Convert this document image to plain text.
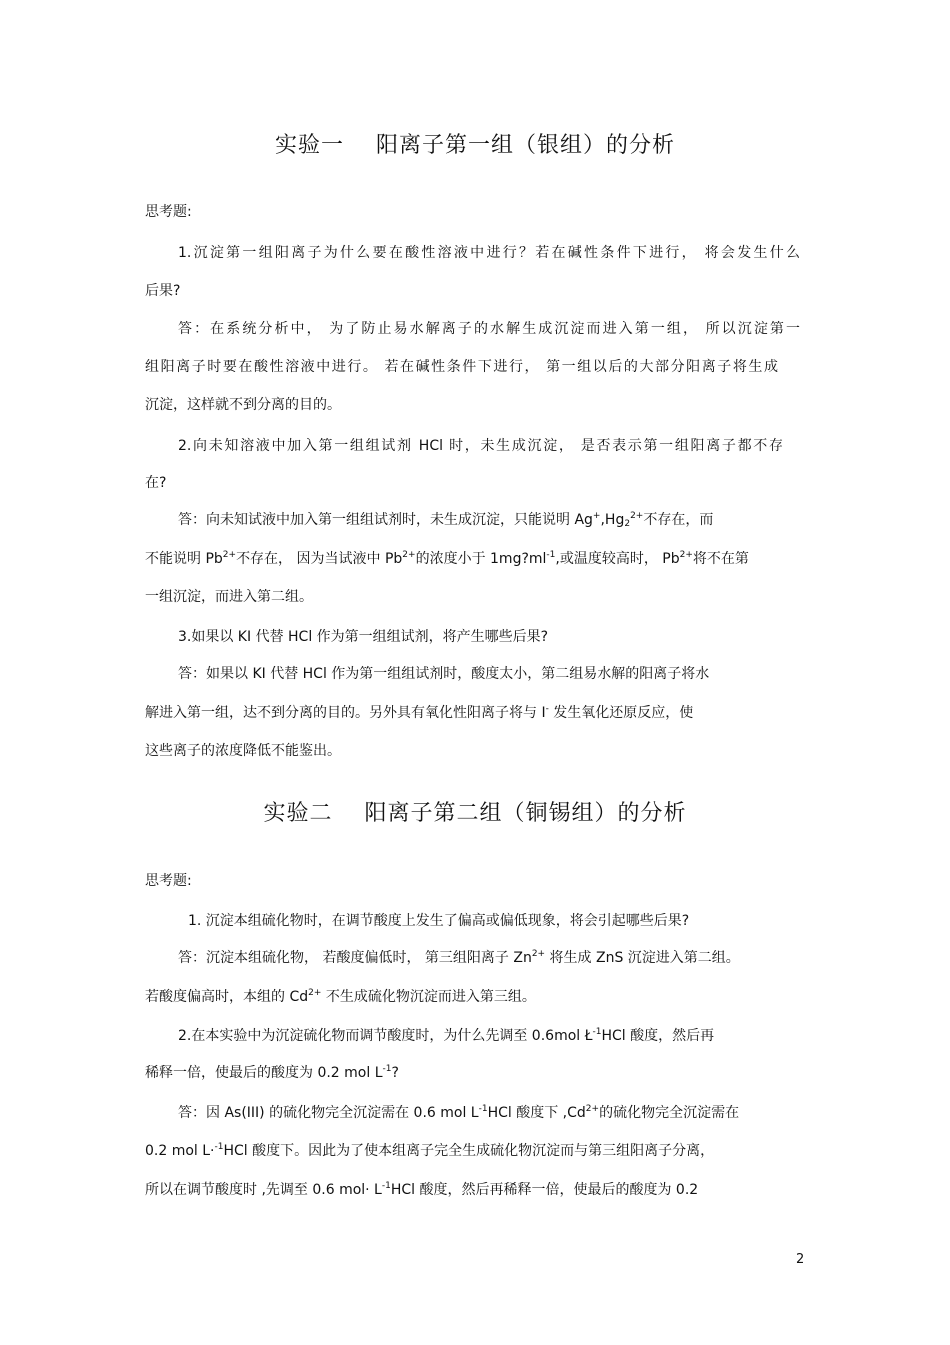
实验一    阳离子第一组（银组）的分析

思考题:

1.沉淀第一组阳离子为什么要在酸性溶液中进行？若在碱性条件下进行， 将会发生什么

后果?

答：在系统分析中， 为了防止易水解离子的水解生成沉淀而进入第一组， 所以沉淀第一

组阳离子时要在酸性溶液中进行。 若在碱性条件下进行， 第一组以后的大部分阳离子将生成

沉淀，这样就不到分离的目的。

2.向未知溶液中加入第一组组试剂 HCl 时，未生成沉淀， 是否表示第一组阳离子都不存

在?

答：向未知试液中加入第一组组试剂时，未生成沉淀，只能说明 $Ag^+,Hg_2^{2+}$不存在，而

不能说明 $Pb^{2+}$不存在， 因为当试液中 $Pb^{2+}$的浓度小于 $1mg?ml^{-1}$,或温度较高时， $Pb^{2+}$将不在第

一组沉淀，而进入第二组。

3.如果以 KI 代替 HCl 作为第一组组试剂，将产生哪些后果?

答：如果以 KI 代替 HCl 作为第一组组试剂时，酸度太小，第二组易水解的阳离子将水

解进入第一组，达不到分离的目的。另外具有氧化性阳离子将与 I- 发生氧化还原反应，使

这些离子的浓度降低不能鉴出。

实验二    阳离子第二组（铜锡组）的分析

思考题:

1. 沉淀本组硫化物时，在调节酸度上发生了偏高或偏低现象，将会引起哪些后果?

答：沉淀本组硫化物， 若酸度偏低时， 第三组阳离子 $Zn^{2+}$ 将生成 ZnS 沉淀进入第二组。

若酸度偏高时，本组的 $Cd^{2+}$ 不生成硫化物沉淀而进入第三组。

2.在本实验中为沉淀硫化物而调节酸度时，为什么先调至 0.6mol $Ł^{-1}HCl$ 酸度，然后再

稀释一倍，使最后的酸度为 0.2 mol $L^{-1}$?

答：因 As(III) 的硫化物完全沉淀需在 0.6 mol $L^{-1}HCl$ 酸度下 $,Cd^{2+}$的硫化物完全沉淀需在

0.2 mol L·$^{-1}$HCl 酸度下。因此为了使本组离子完全生成硫化物沉淀而与第三组阳离子分离，

所以在调节酸度时 ,先调至 0.6 $mol\cdot L^{-1}HCl$ 酸度，然后再稀释一倍，使最后的酸度为 0.2

2
